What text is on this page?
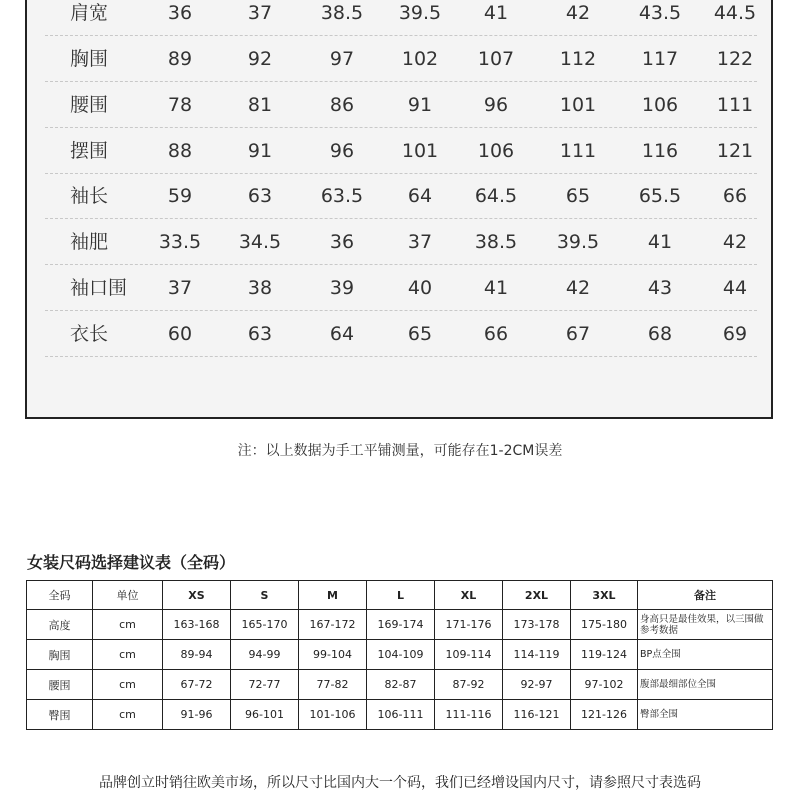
肩宽	36	37	38.5	39.5	41	42	43.5	44.5
胸围	89	92	97	102	107	112	117	122
腰围	78	81	86	91	96	101	106	111
摆围	88	91	96	101	106	111	116	121
袖长	59	63	63.5	64	64.5	65	65.5	66
袖肥	33.5	34.5	36	37	38.5	39.5	41	42
袖口围	37	38	39	40	41	42	43	44
衣长	60	63	64	65	66	67	68	69
注：以上数据为手工平铺测量，可能存在1-2CM误差
女装尺码选择建议表（全码）
全码	单位	XS	S	M	L	XL	2XL	3XL	备注
高度	cm	163-168	165-170	167-172	169-174	171-176	173-178	175-180	身高只是最佳效果，以三围做参考数据
胸围	cm	89-94	94-99	99-104	104-109	109-114	114-119	119-124	BP点全围
腰围	cm	67-72	72-77	77-82	82-87	87-92	92-97	97-102	腹部最细部位全围
臀围	cm	91-96	96-101	101-106	106-111	111-116	116-121	121-126	臀部全围
品牌创立时销往欧美市场，所以尺寸比国内大一个码，我们已经增设国内尺寸，请参照尺寸表选码
